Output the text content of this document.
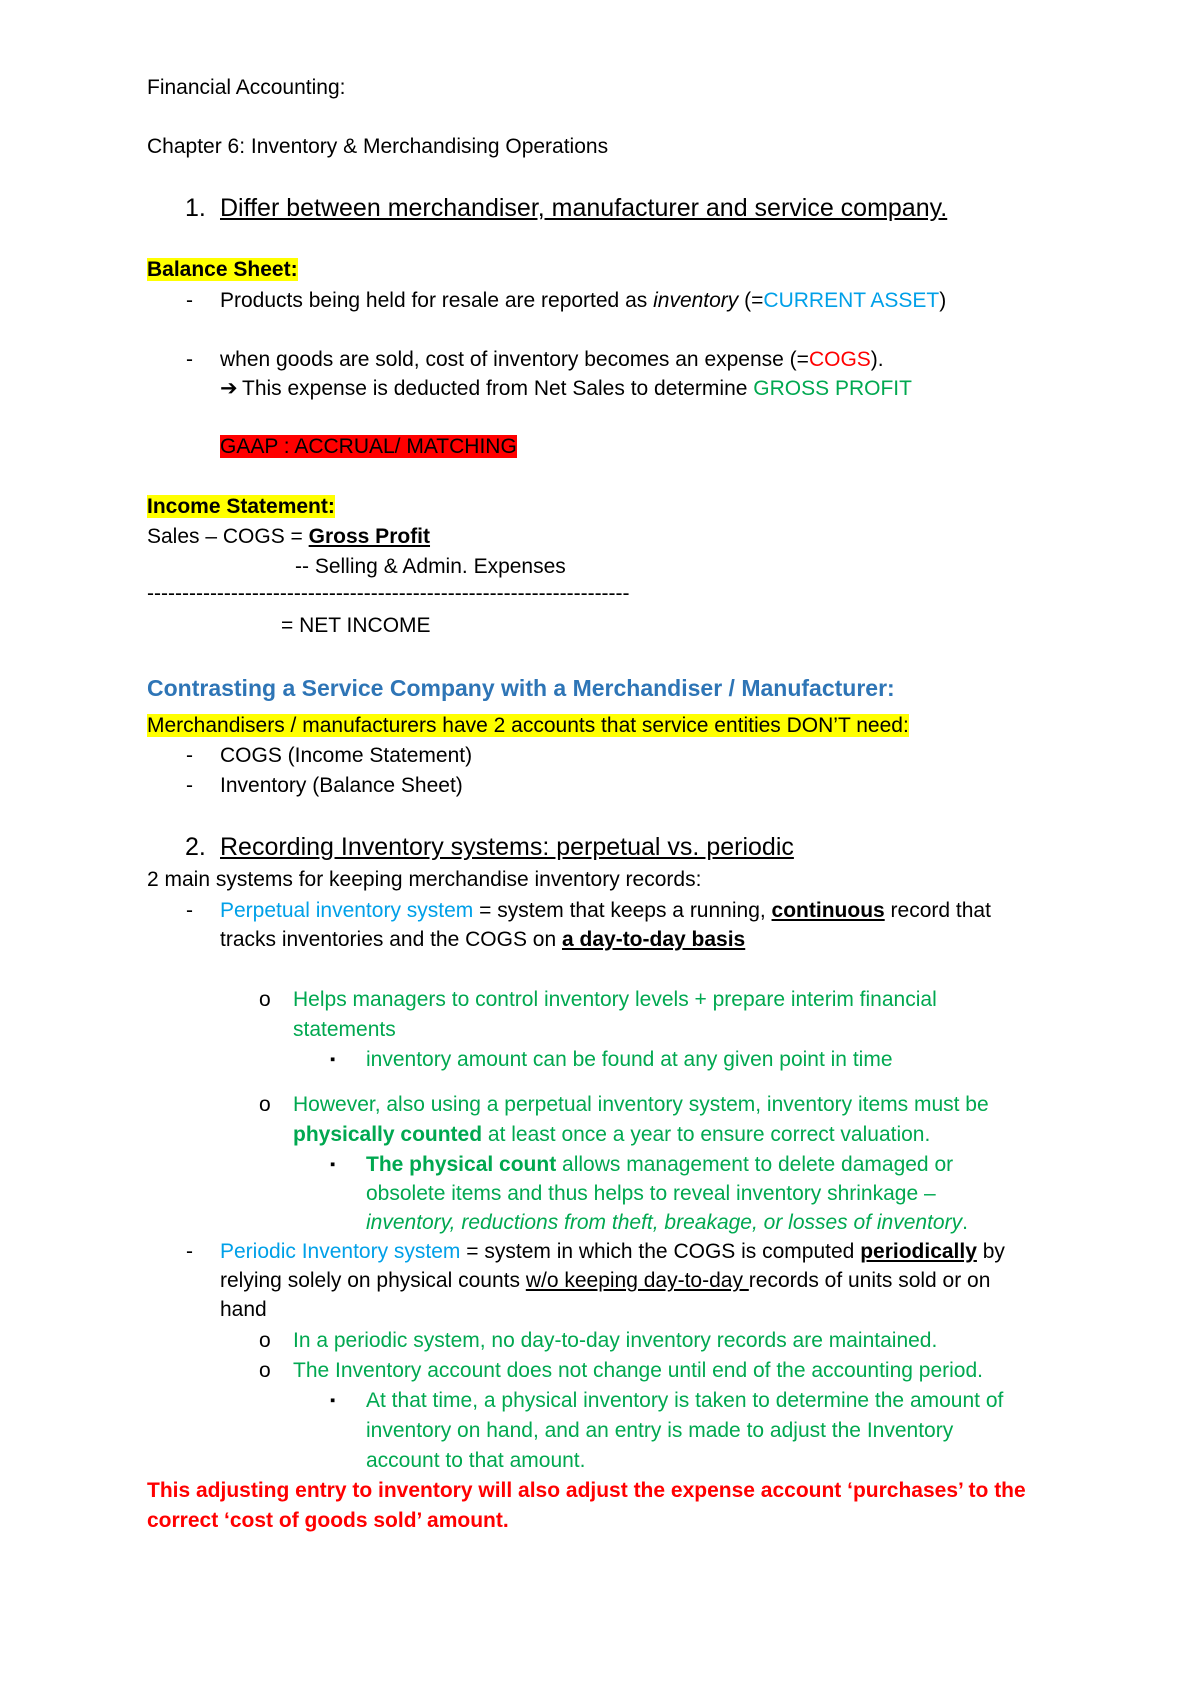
Financial Accounting:
Chapter 6: Inventory & Merchandising Operations
1. Differ between merchandiser, manufacturer and service company.
Balance Sheet:
- Products being held for resale are reported as inventory (=CURRENT ASSET)
- when goods are sold, cost of inventory becomes an expense (=COGS).
➔ This expense is deducted from Net Sales to determine GROSS PROFIT
GAAP : ACCRUAL/ MATCHING
Income Statement:
Sales – COGS = Gross Profit
-- Selling & Admin. Expenses
---------------------------------------------------------------------
= NET INCOME
Contrasting a Service Company with a Merchandiser / Manufacturer:
Merchandisers / manufacturers have 2 accounts that service entities DON’T need:
- COGS (Income Statement)
- Inventory (Balance Sheet)
2. Recording Inventory systems: perpetual vs. periodic
2 main systems for keeping merchandise inventory records:
- Perpetual inventory system = system that keeps a running, continuous record that
tracks inventories and the COGS on a day-to-day basis
o Helps managers to control inventory levels + prepare interim financial
statements
▪ inventory amount can be found at any given point in time
o However, also using a perpetual inventory system, inventory items must be
physically counted at least once a year to ensure correct valuation.
▪ The physical count allows management to delete damaged or
obsolete items and thus helps to reveal inventory shrinkage –
inventory, reductions from theft, breakage, or losses of inventory.
- Periodic Inventory system = system in which the COGS is computed periodically by
relying solely on physical counts w/o keeping day-to-day records of units sold or on
hand
o In a periodic system, no day-to-day inventory records are maintained.
o The Inventory account does not change until end of the accounting period.
▪ At that time, a physical inventory is taken to determine the amount of
inventory on hand, and an entry is made to adjust the Inventory
account to that amount.
This adjusting entry to inventory will also adjust the expense account ‘purchases’ to the
correct ‘cost of goods sold’ amount.
